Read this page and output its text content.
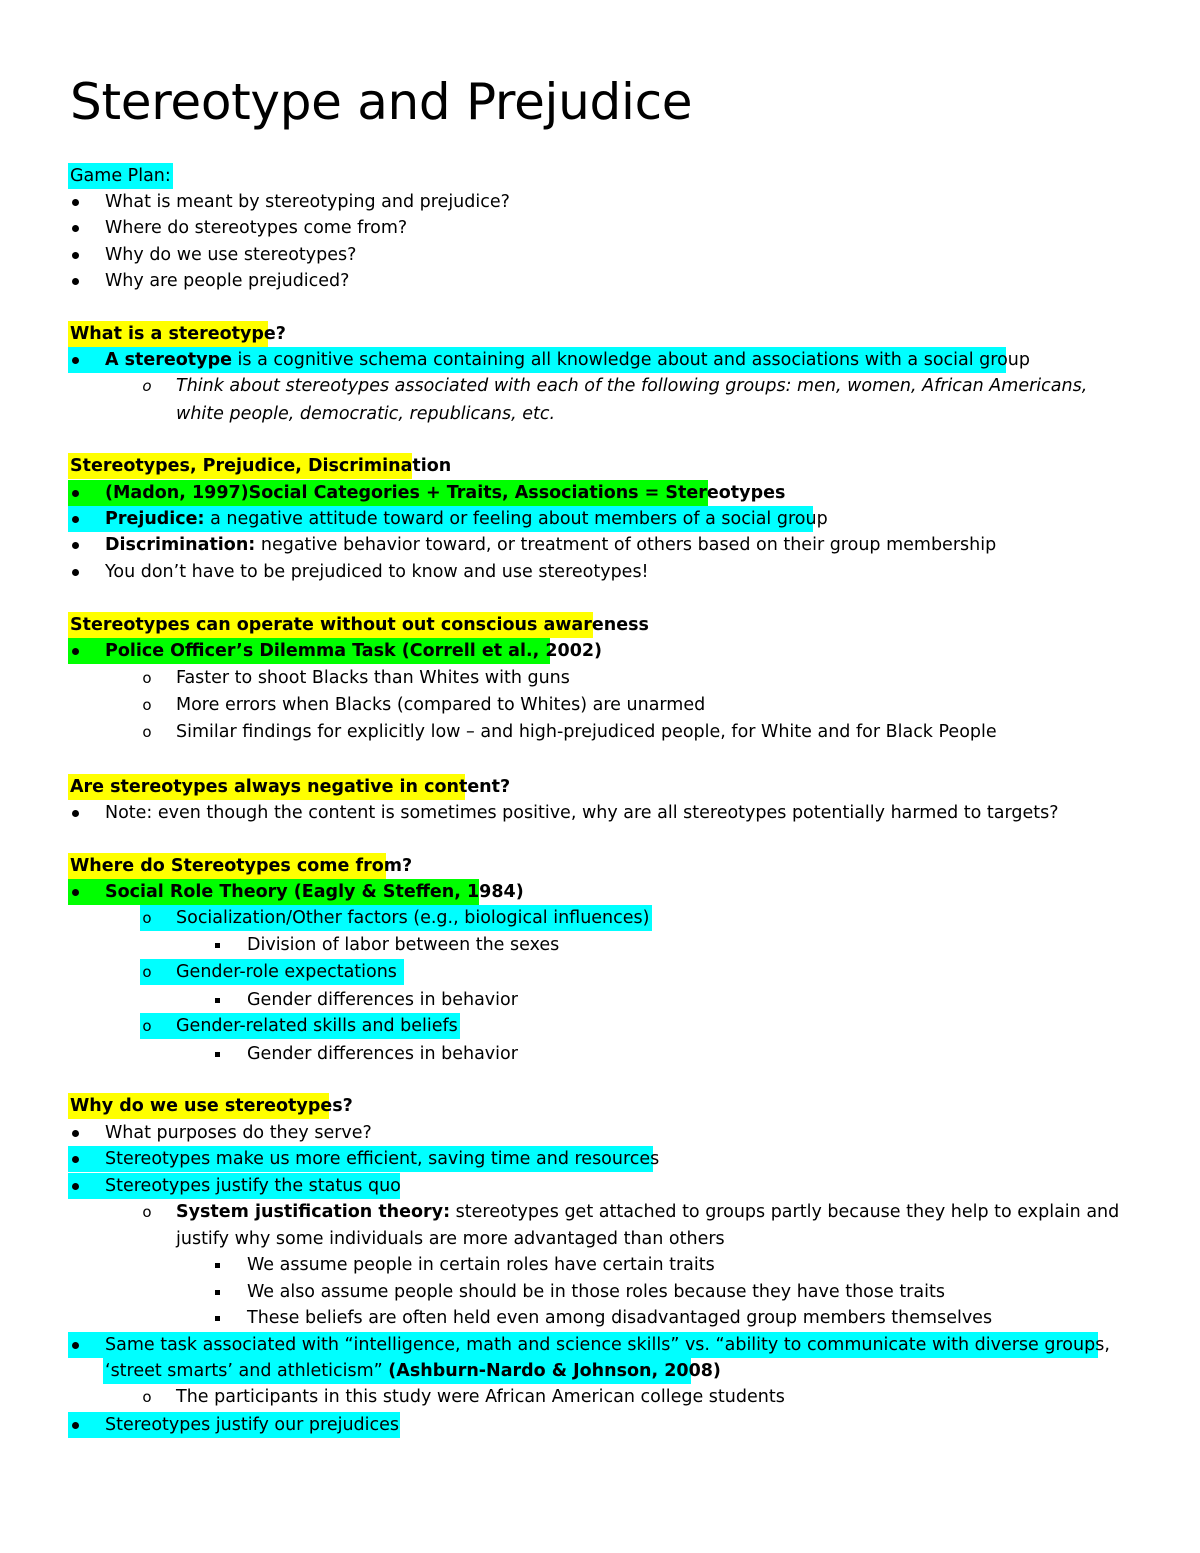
Stereotype and Prejudice
Game Plan:
What is meant by stereotyping and prejudice?
Where do stereotypes come from?
Why do we use stereotypes?
Why are people prejudiced?
What is a stereotype?
A stereotype is a cognitive schema containing all knowledge about and associations with a social group
o Think about stereotypes associated with each of the following groups: men, women, African Americans,
white people, democratic, republicans, etc.
Stereotypes, Prejudice, Discrimination
(Madon, 1997)Social Categories + Traits, Associations = Stereotypes
Prejudice: a negative attitude toward or feeling about members of a social group
Discrimination: negative behavior toward, or treatment of others based on their group membership
You don’t have to be prejudiced to know and use stereotypes!
Stereotypes can operate without out conscious awareness
Police Officer’s Dilemma Task (Correll et al., 2002)
o Faster to shoot Blacks than Whites with guns
o More errors when Blacks (compared to Whites) are unarmed
o Similar findings for explicitly low – and high-prejudiced people, for White and for Black People
Are stereotypes always negative in content?
Note: even though the content is sometimes positive, why are all stereotypes potentially harmed to targets?
Where do Stereotypes come from?
Social Role Theory (Eagly & Steffen, 1984)
o Socialization/Other factors (e.g., biological influences)
Division of labor between the sexes
o Gender-role expectations
Gender differences in behavior
o Gender-related skills and beliefs
Gender differences in behavior
Why do we use stereotypes?
What purposes do they serve?
Stereotypes make us more efficient, saving time and resources
Stereotypes justify the status quo
o System justification theory: stereotypes get attached to groups partly because they help to explain and
justify why some individuals are more advantaged than others
We assume people in certain roles have certain traits
We also assume people should be in those roles because they have those traits
These beliefs are often held even among disadvantaged group members themselves
Same task associated with “intelligence, math and science skills” vs. “ability to communicate with diverse groups,
‘street smarts’ and athleticism” (Ashburn-Nardo & Johnson, 2008)
o The participants in this study were African American college students
Stereotypes justify our prejudices
